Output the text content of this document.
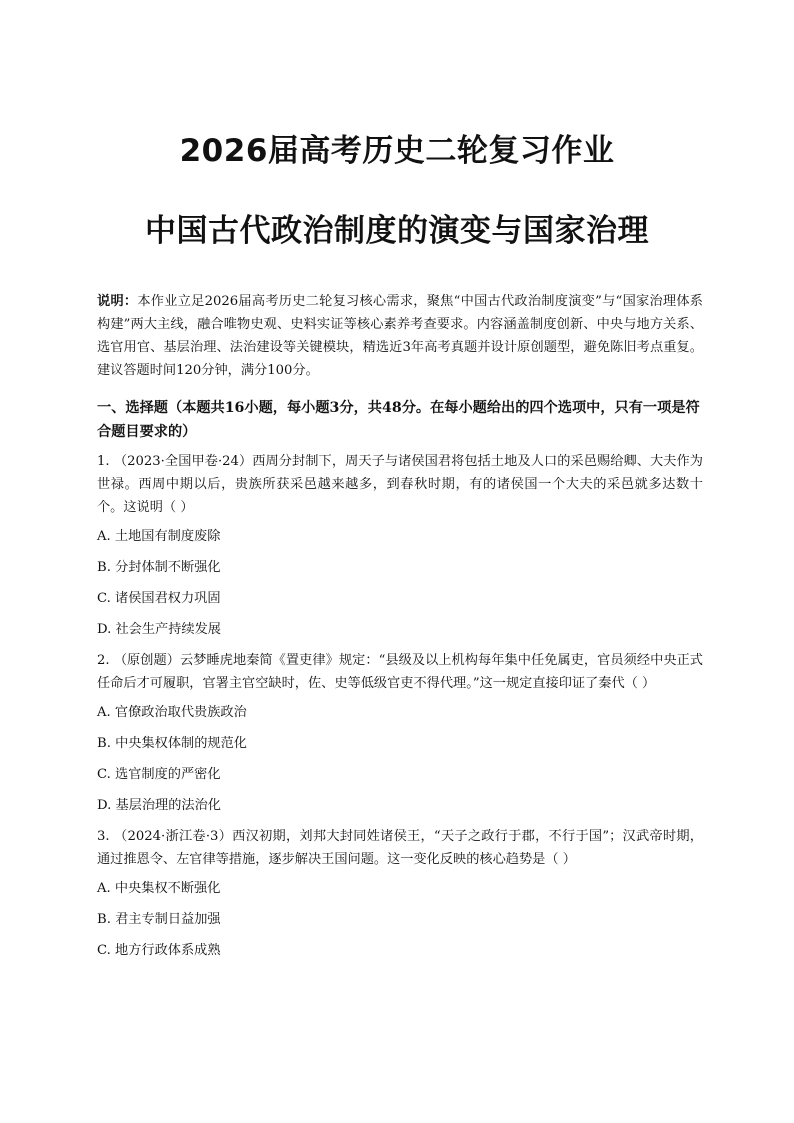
2026届高考历史二轮复习作业
中国古代政治制度的演变与国家治理

说明：本作业立足2026届高考历史二轮复习核心需求，聚焦“中国古代政治制度演变”与“国家治理体系构建”两大主线，融合唯物史观、史料实证等核心素养考查要求。内容涵盖制度创新、中央与地方关系、选官用官、基层治理、法治建设等关键模块，精选近3年高考真题并设计原创题型，避免陈旧考点重复。建议答题时间120分钟，满分100分。

一、选择题（本题共16小题，每小题3分，共48分。在每小题给出的四个选项中，只有一项是符合题目要求的）

1. （2023·全国甲卷·24）西周分封制下，周天子与诸侯国君将包括土地及人口的采邑赐给卿、大夫作为世禄。西周中期以后，贵族所获采邑越来越多，到春秋时期，有的诸侯国一个大夫的采邑就多达数十个。这说明（ ）

A. 土地国有制度废除

B. 分封体制不断强化

C. 诸侯国君权力巩固

D. 社会生产持续发展

2. （原创题）云梦睡虎地秦简《置吏律》规定：“县级及以上机构每年集中任免属吏，官员须经中央正式任命后才可履职，官署主官空缺时，佐、史等低级官吏不得代理。”这一规定直接印证了秦代（ ）

A. 官僚政治取代贵族政治

B. 中央集权体制的规范化

C. 选官制度的严密化

D. 基层治理的法治化

3. （2024·浙江卷·3）西汉初期，刘邦大封同姓诸侯王，“天子之政行于郡，不行于国”；汉武帝时期，通过推恩令、左官律等措施，逐步解决王国问题。这一变化反映的核心趋势是（ ）

A. 中央集权不断强化

B. 君主专制日益加强

C. 地方行政体系成熟
